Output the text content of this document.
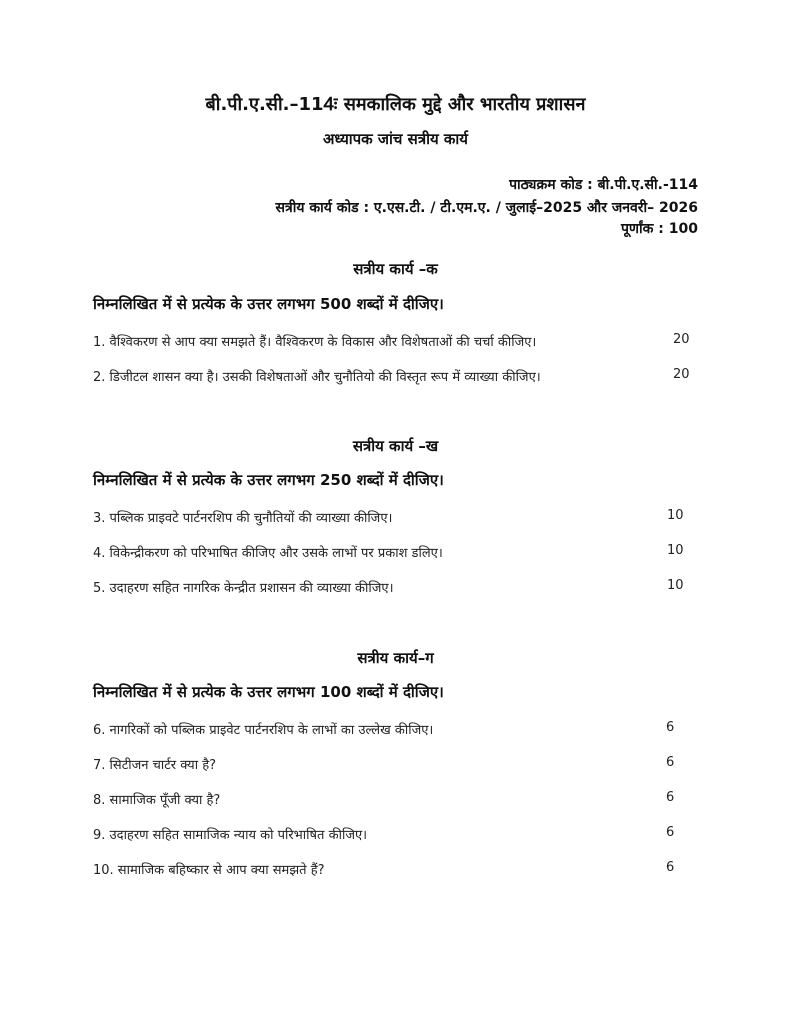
बी.पी.ए.सी.–114ः समकालिक मुद्दे और भारतीय प्रशासन
अध्यापक जांच सत्रीय कार्य
पाठ्यक्रम कोड : बी.पी.ए.सी.-114
सत्रीय कार्य कोड : ए.एस.टी. / टी.एम.ए. / जुलाई–2025 और जनवरी– 2026
पूर्णांक : 100
सत्रीय कार्य –क
निम्नलिखित में से प्रत्येक के उत्तर लगभग 500 शब्दों में दीजिए।
1. वैश्विकरण से आप क्या समझते हैं। वैश्विकरण के विकास और विशेषताओं की चर्चा कीजिए।	20
2. डिजीटल शासन क्या है। उसकी विशेषताओं और चुनौतियो की विस्तृत रूप में व्याख्या कीजिए।	20
सत्रीय कार्य –ख
निम्नलिखित में से प्रत्येक के उत्तर लगभग 250 शब्दों में दीजिए।
3. पब्लिक प्राइवटे पार्टनरशिप की चुनौतियों की व्याख्या कीजिए।	10
4. विकेन्द्रीकरण को परिभाषित कीजिए और उसके लाभों पर प्रकाश डलिए।	10
5. उदाहरण सहित नागरिक केन्द्रीत प्रशासन की व्याख्या कीजिए।	10
सत्रीय कार्य–ग
निम्नलिखित में से प्रत्येक के उत्तर लगभग 100 शब्दों में दीजिए।
6. नागरिकों को पब्लिक प्राइवेट पार्टनरशिप के लाभों का उल्लेख कीजिए।	6
7. सिटीजन चार्टर क्या है?	6
8. सामाजिक पूँजी क्या है?	6
9. उदाहरण सहित सामाजिक न्याय को परिभाषित कीजिए।	6
10. सामाजिक बहिष्कार से आप क्या समझते हैं?	6
